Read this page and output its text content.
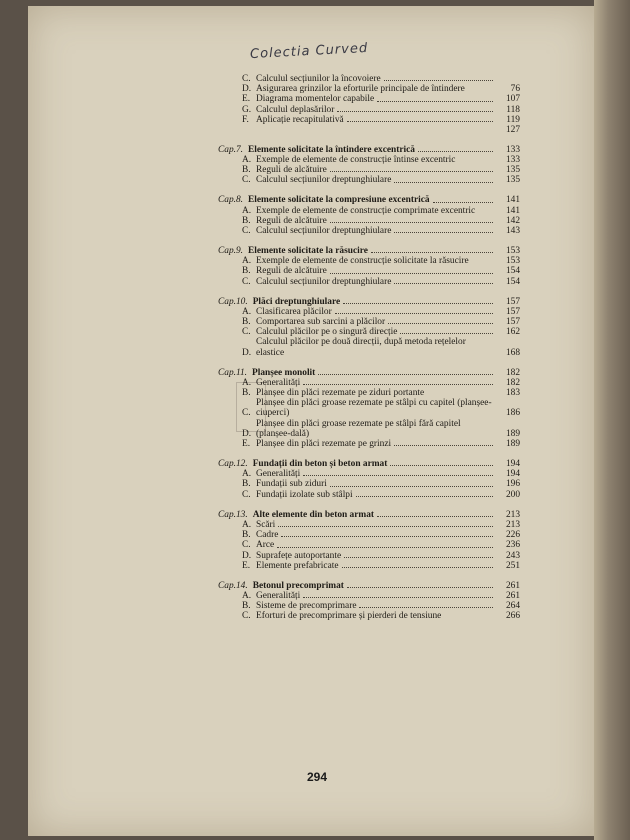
Colectia Curved
C. Calculul secțiunilor la încovoiere
D. Asigurarea grinzilor la eforturile principale de întindere	76
E. Diagrama momentelor capabile	107
G. Calculul deplasărilor	118
F. Aplicație recapitulativă	119
127
Cap.7. Elemente solicitate la întindere excentrică	133
A. Exemple de elemente de construcție întinse excentric	133
B. Reguli de alcătuire	135
C. Calculul secțiunilor dreptunghiulare	135
Cap.8. Elemente solicitate la compresiune excentrică	141
A. Exemple de elemente de construcție comprimate excentric	141
B. Reguli de alcătuire	142
C. Calculul secțiunilor dreptunghiulare	143
Cap.9. Elemente solicitate la răsucire	153
A. Exemple de elemente de construcție solicitate la răsucire	153
B. Reguli de alcătuire	154
C. Calculul secțiunilor dreptunghiulare	154
Cap.10. Plăci dreptunghiulare	157
A. Clasificarea plăcilor	157
B. Comportarea sub sarcini a plăcilor	157
C. Calculul plăcilor pe o singură direcție	162
D.
Calculul plăcilor pe două direcții, după metoda rețelelor elastice	168
Cap.11. Planșee monolit	182
A. Generalități	182
B. Planșee din plăci rezemate pe ziduri portante	183
C.
Planșee din plăci groase rezemate pe stâlpi cu capitel (planșee-ciuperci)	186
D.
Planșee din plăci groase rezemate pe stâlpi fără capitel (planșee-dală)	189
E. Planșee din plăci rezemate pe grinzi	189
Cap.12. Fundații din beton și beton armat	194
A. Generalități	194
B. Fundații sub ziduri	196
C. Fundații izolate sub stâlpi	200
Cap.13. Alte elemente din beton armat	213
A. Scări	213
B. Cadre	226
C. Arce	236
D. Suprafețe autoportante	243
E. Elemente prefabricate	251
Cap.14. Betonul precomprimat	261
A. Generalități	261
B. Sisteme de precomprimare	264
C. Eforturi de precomprimare și pierderi de tensiune	266
294
